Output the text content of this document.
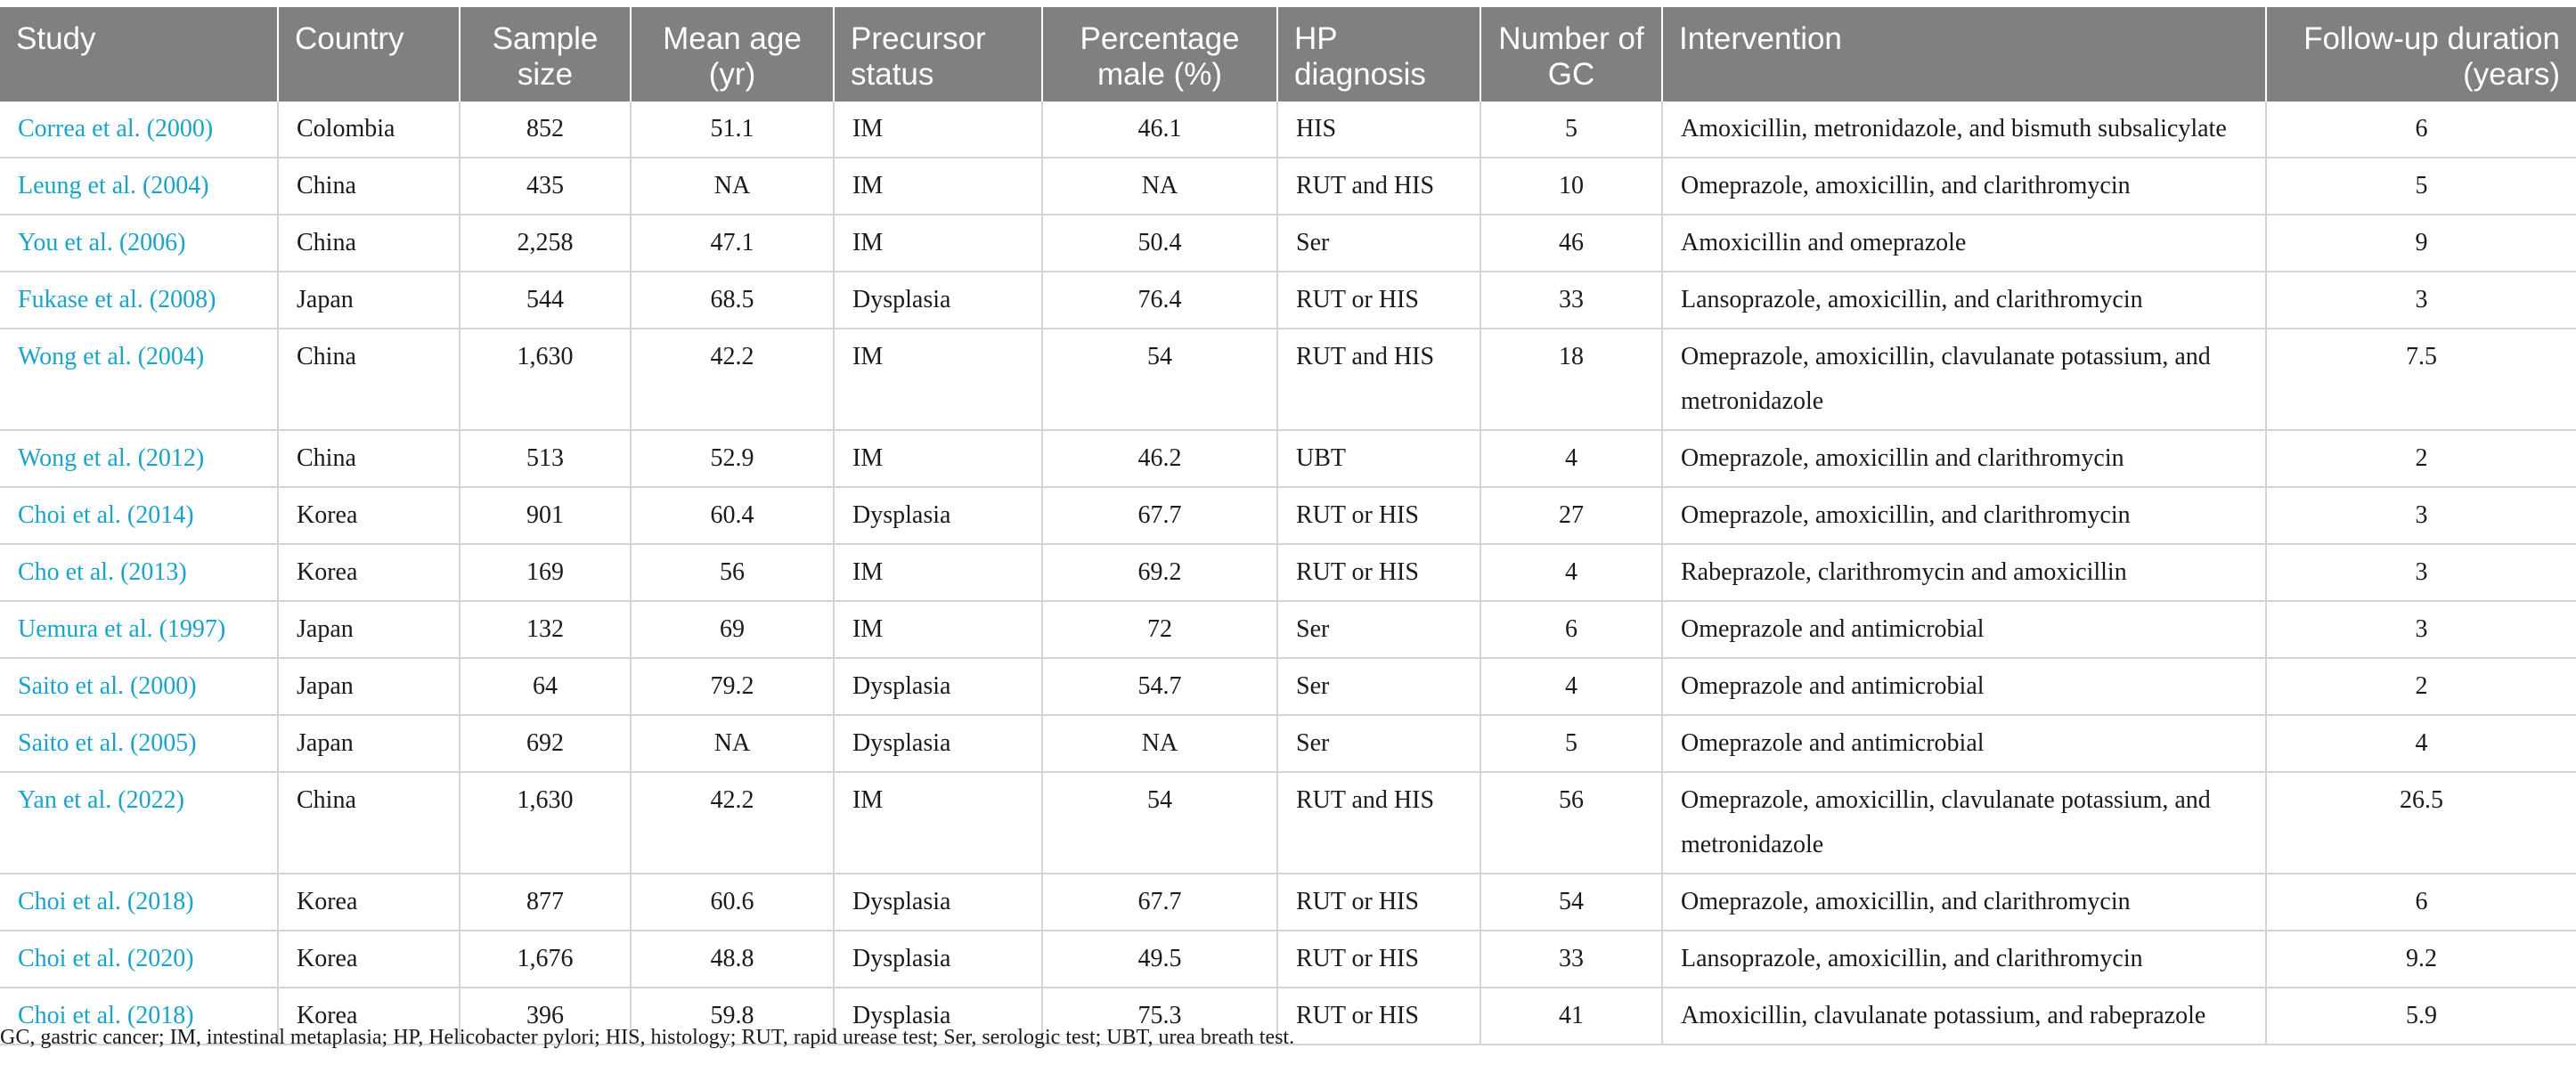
Study	Country	Sample size	Mean age (yr)	Precursor status	Percentage male (%)	HP diagnosis	Number of GC	Intervention	Follow-up duration (years)
Correa et al. (2000)	Colombia	852	51.1	IM	46.1	HIS	5	Amoxicillin, metronidazole, and bismuth subsalicylate	6
Leung et al. (2004)	China	435	NA	IM	NA	RUT and HIS	10	Omeprazole, amoxicillin, and clarithromycin	5
You et al. (2006)	China	2,258	47.1	IM	50.4	Ser	46	Amoxicillin and omeprazole	9
Fukase et al. (2008)	Japan	544	68.5	Dysplasia	76.4	RUT or HIS	33	Lansoprazole, amoxicillin, and clarithromycin	3
Wong et al. (2004)	China	1,630	42.2	IM	54	RUT and HIS	18	Omeprazole, amoxicillin, clavulanate potassium, and metronidazole	7.5
Wong et al. (2012)	China	513	52.9	IM	46.2	UBT	4	Omeprazole, amoxicillin and clarithromycin	2
Choi et al. (2014)	Korea	901	60.4	Dysplasia	67.7	RUT or HIS	27	Omeprazole, amoxicillin, and clarithromycin	3
Cho et al. (2013)	Korea	169	56	IM	69.2	RUT or HIS	4	Rabeprazole, clarithromycin and amoxicillin	3
Uemura et al. (1997)	Japan	132	69	IM	72	Ser	6	Omeprazole and antimicrobial	3
Saito et al. (2000)	Japan	64	79.2	Dysplasia	54.7	Ser	4	Omeprazole and antimicrobial	2
Saito et al. (2005)	Japan	692	NA	Dysplasia	NA	Ser	5	Omeprazole and antimicrobial	4
Yan et al. (2022)	China	1,630	42.2	IM	54	RUT and HIS	56	Omeprazole, amoxicillin, clavulanate potassium, and metronidazole	26.5
Choi et al. (2018)	Korea	877	60.6	Dysplasia	67.7	RUT or HIS	54	Omeprazole, amoxicillin, and clarithromycin	6
Choi et al. (2020)	Korea	1,676	48.8	Dysplasia	49.5	RUT or HIS	33	Lansoprazole, amoxicillin, and clarithromycin	9.2
Choi et al. (2018)	Korea	396	59.8	Dysplasia	75.3	RUT or HIS	41	Amoxicillin, clavulanate potassium, and rabeprazole	5.9
GC, gastric cancer; IM, intestinal metaplasia; HP, Helicobacter pylori; HIS, histology; RUT, rapid urease test; Ser, serologic test; UBT, urea breath test.
